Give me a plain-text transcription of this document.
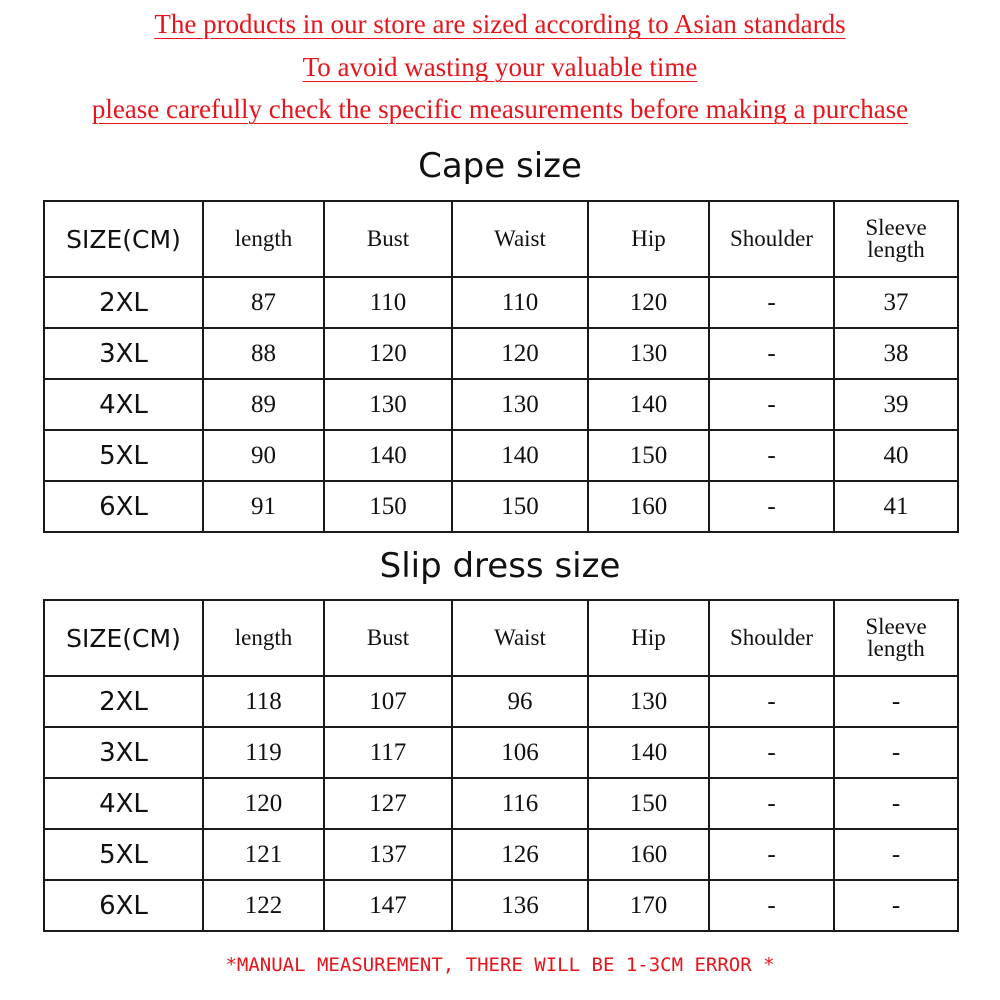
The products in our store are sized according to Asian standards
To avoid wasting your valuable time
please carefully check the specific measurements before making a purchase
Cape size
SIZE(CM)	length	Bust	Waist	Hip	Shoulder	Sleeve length
2XL	87	110	110	120	-	37
3XL	88	120	120	130	-	38
4XL	89	130	130	140	-	39
5XL	90	140	140	150	-	40
6XL	91	150	150	160	-	41
Slip dress size
SIZE(CM)	length	Bust	Waist	Hip	Shoulder	Sleeve length
2XL	118	107	96	130	-	-
3XL	119	117	106	140	-	-
4XL	120	127	116	150	-	-
5XL	121	137	126	160	-	-
6XL	122	147	136	170	-	-
*MANUAL MEASUREMENT, THERE WILL BE 1-3CM ERROR *
